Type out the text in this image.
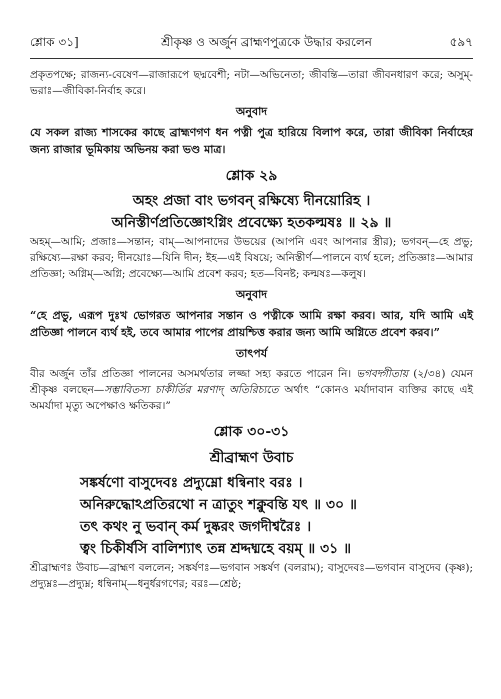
শ্লোক ৩১]	শ্রীকৃষ্ণ ও অর্জুন ব্রাহ্মণপুত্রকে উদ্ধার করলেন	৫৯৭

প্রকৃতপক্ষে; রাজন্য-বেষেণ—রাজারূপে ছদ্মবেশী; নটা—অভিনেতা; জীবন্তি—তারা জীবনধারণ করে; অসুম্-ভরাঃ—জীবিকা-নির্বাহ করে।

অনুবাদ

যে সকল রাজ্য শাসকের কাছে ব্রাহ্মণগণ ধন পত্নী পুত্র হারিয়ে বিলাপ করে, তারা জীবিকা নির্বাহের জন্য রাজার ভূমিকায় অভিনয় করা ভণ্ড মাত্র।

শ্লোক ২৯

অহং প্রজা বাং ভগবন্ রক্ষিষ্যে দীনয়োরিহ ।

অনিস্তীর্ণপ্রতিজ্ঞোঽগ্নিং প্রবেক্ষ্যে হতকল্মষঃ ॥ ২৯ ॥

অহম্—আমি; প্রজাঃ—সন্তান; বাম্—আপনাদের উভয়ের (আপনি এবং আপনার স্ত্রীর); ভগবন্—হে প্রভু; রক্ষিষ্যে—রক্ষা করব; দীনয়োঃ—যিনি দীন; ইহ—এই বিষয়ে; অনিস্তীর্ণ—পালনে ব্যর্থ হলে; প্রতিজ্ঞাঃ—আমার প্রতিজ্ঞা; অগ্নিম্—অগ্নি; প্রবেক্ষ্যে—আমি প্রবেশ করব; হত—বিনষ্ট; কল্মষঃ—কলুষ।

অনুবাদ

“হে প্রভু, এরূপ দুঃখ ভোগরত আপনার সন্তান ও পত্নীকে আমি রক্ষা করব। আর, যদি আমি এই প্রতিজ্ঞা পালনে ব্যর্থ হই, তবে আমার পাপের প্রায়শ্চিত্ত করার জন্য আমি অগ্নিতে প্রবেশ করব।”

তাৎপর্য

বীর অর্জুন তাঁর প্রতিজ্ঞা পালনের অসমর্থতার লজ্জা সহ্য করতে পারেন নি। ভগবদ্গীতায় (২/৩৪) যেমন শ্রীকৃষ্ণ বলছেন—সম্ভাবিতস্য চাকীর্তির মরণাদ্ অতিরিচ্যতে অর্থাৎ “কোনও মর্যাদাবান ব্যক্তির কাছে এই অমর্যাদা মৃত্যু অপেক্ষাও ক্ষতিকর।”

শ্লোক ৩০-৩১

শ্রীব্রাহ্মণ উবাচ

সঙ্কর্ষণো বাসুদেবঃ প্রদ্যুম্নো ধন্বিনাং বরঃ ।

অনিরুদ্ধোঽপ্রতিরথো ন ত্রাতুং শক্নুবন্তি যৎ ॥ ৩০ ॥

তৎ কথং নু ভবান্ কর্ম দুষ্করং জগদীশ্বরৈঃ ।

ত্বং চিকীর্ষসি বালিশ্যাৎ তন্ন শ্রদ্দধ্মহে বয়ম্ ॥ ৩১ ॥

শ্রীব্রাহ্মণঃ উবাচ—ব্রাহ্মণ বললেন; সঙ্কর্ষণঃ—ভগবান সঙ্কর্ষণ (বলরাম); বাসুদেবঃ—ভগবান বাসুদেব (কৃষ্ণ); প্রদ্যুম্নঃ—প্রদ্যুম্ন; ধন্বিনাম্—ধনুর্ধরগণের; বরঃ—শ্রেষ্ঠ;
